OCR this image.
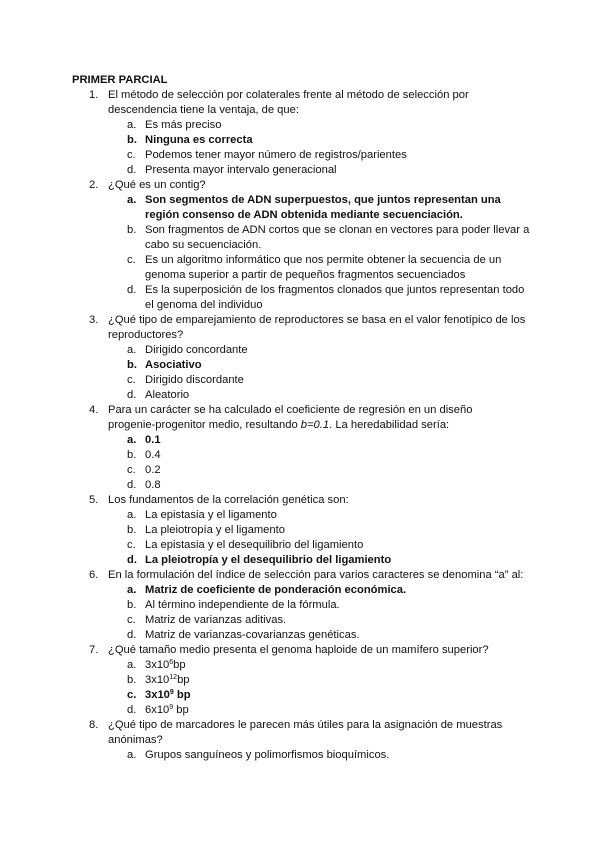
PRIMER PARCIAL
1. El método de selección por colaterales frente al método de selección por
descendencia tiene la ventaja, de que:
a. Es más preciso
b. Ninguna es correcta
c. Podemos tener mayor número de registros/parientes
d. Presenta mayor intervalo generacional
2. ¿Qué es un contig?
a. Son segmentos de ADN superpuestos, que juntos representan una
región consenso de ADN obtenida mediante secuenciación.
b. Son fragmentos de ADN cortos que se clonan en vectores para poder llevar a
cabo su secuenciación.
c. Es un algoritmo informático que nos permite obtener la secuencia de un
genoma superior a partir de pequeños fragmentos secuenciados
d. Es la superposición de los fragmentos clonados que juntos representan todo
el genoma del individuo
3. ¿Qué tipo de emparejamiento de reproductores se basa en el valor fenotípico de los
reproductores?
a. Dirigido concordante
b. Asociativo
c. Dirigido discordante
d. Aleatorio
4. Para un carácter se ha calculado el coeficiente de regresión en un diseño
progenie-progenitor medio, resultando b=0.1. La heredabilidad sería:
a. 0.1
b. 0.4
c. 0.2
d. 0.8
5. Los fundamentos de la correlación genética son:
a. La epistasia y el ligamento
b. La pleiotropía y el ligamento
c. La epistasia y el desequilibrio del ligamiento
d. La pleiotropía y el desequilibrio del ligamiento
6. En la formulación del índice de selección para varios caracteres se denomina “a” al:
a. Matriz de coeficiente de ponderación económica.
b. Al término independiente de la fórmula.
c. Matriz de varianzas aditivas.
d. Matriz de varianzas-covarianzas genéticas.
7. ¿Qué tamaño medio presenta el genoma haploide de un mamífero superior?
a. $3x10^6bp$
b. $3x10^{12}bp$
c. $3x10^9$ bp
d. $6x10^9$ bp
8. ¿Qué tipo de marcadores le parecen más útiles para la asignación de muestras
anónimas?
a. Grupos sanguíneos y polimorfismos bioquímicos.
